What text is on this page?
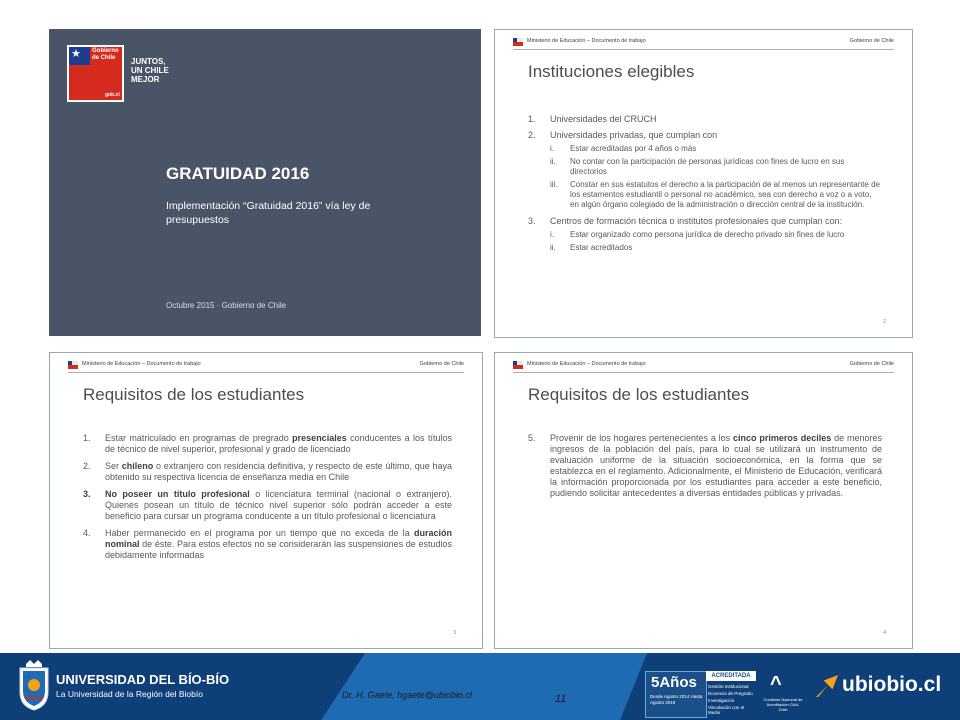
★ Gobierno
de Chile
gob.cl
JUNTOS,
UN CHILE
MEJOR
GRATUIDAD 2016
Implementación “Gratuidad 2016” vía ley de presupuestos
Octubre 2015 · Gobierno de Chile
Ministerio de Educación – Documento de trabajo	Gobierno de Chile
Instituciones elegibles
1. Universidades del CRUCH
2. Universidades privadas, que cumplan con
i. Estar acreditadas por 4 años o más
ii. No contar con la participación de personas jurídicas con fines de lucro en sus directorios
iii. Constar en sus estatutos el derecho a la participación de al menos un representante de los estamentos estudiantil o personal no académico, sea con derecho a voz o a voto, en algún órgano colegiado de la administración o dirección central de la institución.
3. Centros de formación técnica o institutos profesionales que cumplan con:
i. Estar organizado como persona jurídica de derecho privado sin fines de lucro
ii. Estar acreditados
2
Ministerio de Educación – Documento de trabajo	Gobierno de Chile
Requisitos de los estudiantes
1. Estar matriculado en programas de pregrado presenciales conducentes a los títulos de técnico de nivel superior, profesional y grado de licenciado
2. Ser chileno o extranjero con residencia definitiva, y respecto de este último, que haya obtenido su respectiva licencia de enseñanza media en Chile
3. No poseer un título profesional o licenciatura terminal (nacional o extranjero). Quienes posean un título de técnico nivel superior sólo podrán acceder a este beneficio para cursar un programa conducente a un título profesional o licenciatura
4. Haber permanecido en el programa por un tiempo que no exceda de la duración nominal de éste. Para estos efectos no se considerarán las suspensiones de estudios debidamente informadas
3
Ministerio de Educación – Documento de trabajo	Gobierno de Chile
Requisitos de los estudiantes
5. Provenir de los hogares pertenecientes a los cinco primeros deciles de menores ingresos de la población del país, para lo cual se utilizará un instrumento de evaluación uniforme de la situación socioeconómica, en la forma que se establezca en el reglamento. Adicionalmente, el Ministerio de Educación, verificará la información proporcionada por los estudiantes para acceder a este beneficio, pudiendo solicitar antecedentes a diversas entidades públicas y privadas.
4
UNIVERSIDAD DEL BÍO-BÍO
La Universidad de la Región del Biobío	Dr. H. Gaete, hgaete@ubiobio.cl	11
5Años
Desde Agosto 2014 Hasta Agosto 2019
ACREDITADA
Gestión Institucional
Docencia de Pregrado
Investigación
Vinculación con el Medio
^
Comisión Nacional de Acreditación CNA-Chile
ubiobio.cl
